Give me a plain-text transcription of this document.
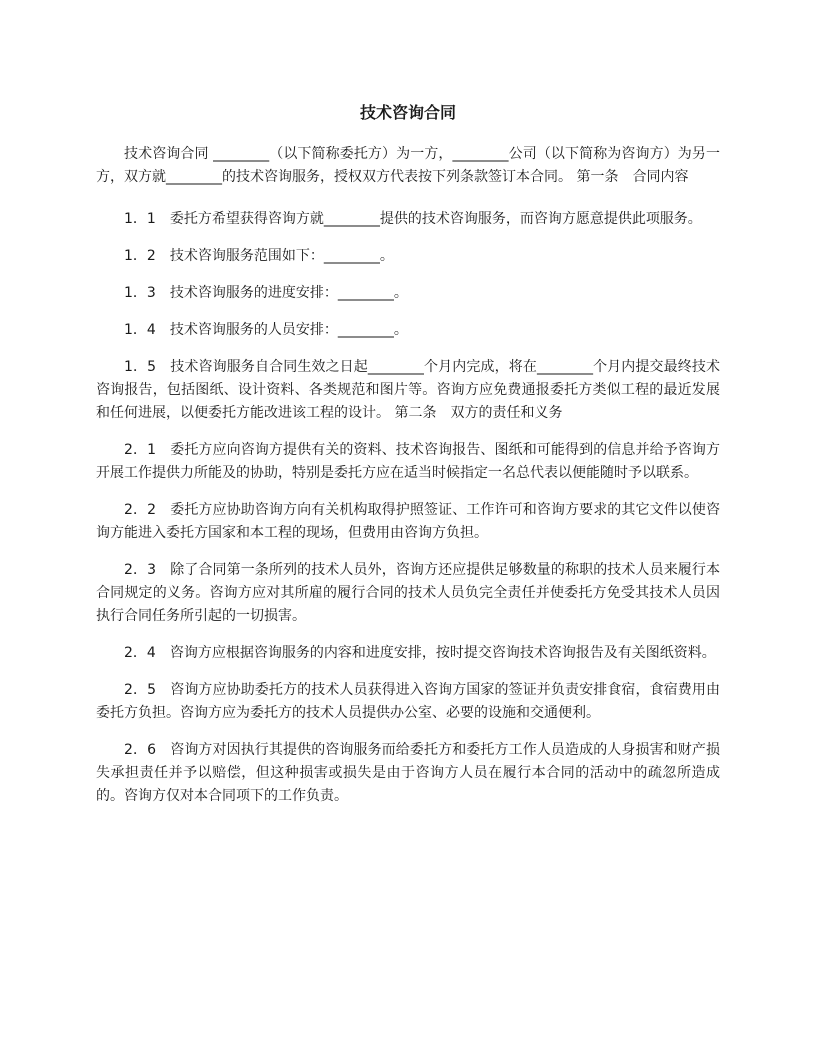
技术咨询合同

技术咨询合同 ________（以下简称委托方）为一方，________公司（以下简称为咨询方）为另一方，双方就________的技术咨询服务，授权双方代表按下列条款签订本合同。 第一条　合同内容

1．1　委托方希望获得咨询方就________提供的技术咨询服务，而咨询方愿意提供此项服务。

1．2　技术咨询服务范围如下：________。

1．3　技术咨询服务的进度安排：________。

1．4　技术咨询服务的人员安排：________。

1．5　技术咨询服务自合同生效之日起________个月内完成，将在________个月内提交最终技术咨询报告，包括图纸、设计资料、各类规范和图片等。咨询方应免费通报委托方类似工程的最近发展和任何进展，以便委托方能改进该工程的设计。 第二条　双方的责任和义务

2．1　委托方应向咨询方提供有关的资料、技术咨询报告、图纸和可能得到的信息并给予咨询方开展工作提供力所能及的协助，特别是委托方应在适当时候指定一名总代表以便能随时予以联系。

2．2　委托方应协助咨询方向有关机构取得护照签证、工作许可和咨询方要求的其它文件以使咨询方能进入委托方国家和本工程的现场，但费用由咨询方负担。

2．3　除了合同第一条所列的技术人员外，咨询方还应提供足够数量的称职的技术人员来履行本合同规定的义务。咨询方应对其所雇的履行合同的技术人员负完全责任并使委托方免受其技术人员因执行合同任务所引起的一切损害。

2．4　咨询方应根据咨询服务的内容和进度安排，按时提交咨询技术咨询报告及有关图纸资料。

2．5　咨询方应协助委托方的技术人员获得进入咨询方国家的签证并负责安排食宿，食宿费用由委托方负担。咨询方应为委托方的技术人员提供办公室、必要的设施和交通便利。

2．6　咨询方对因执行其提供的咨询服务而给委托方和委托方工作人员造成的人身损害和财产损失承担责任并予以赔偿，但这种损害或损失是由于咨询方人员在履行本合同的活动中的疏忽所造成的。咨询方仅对本合同项下的工作负责。
